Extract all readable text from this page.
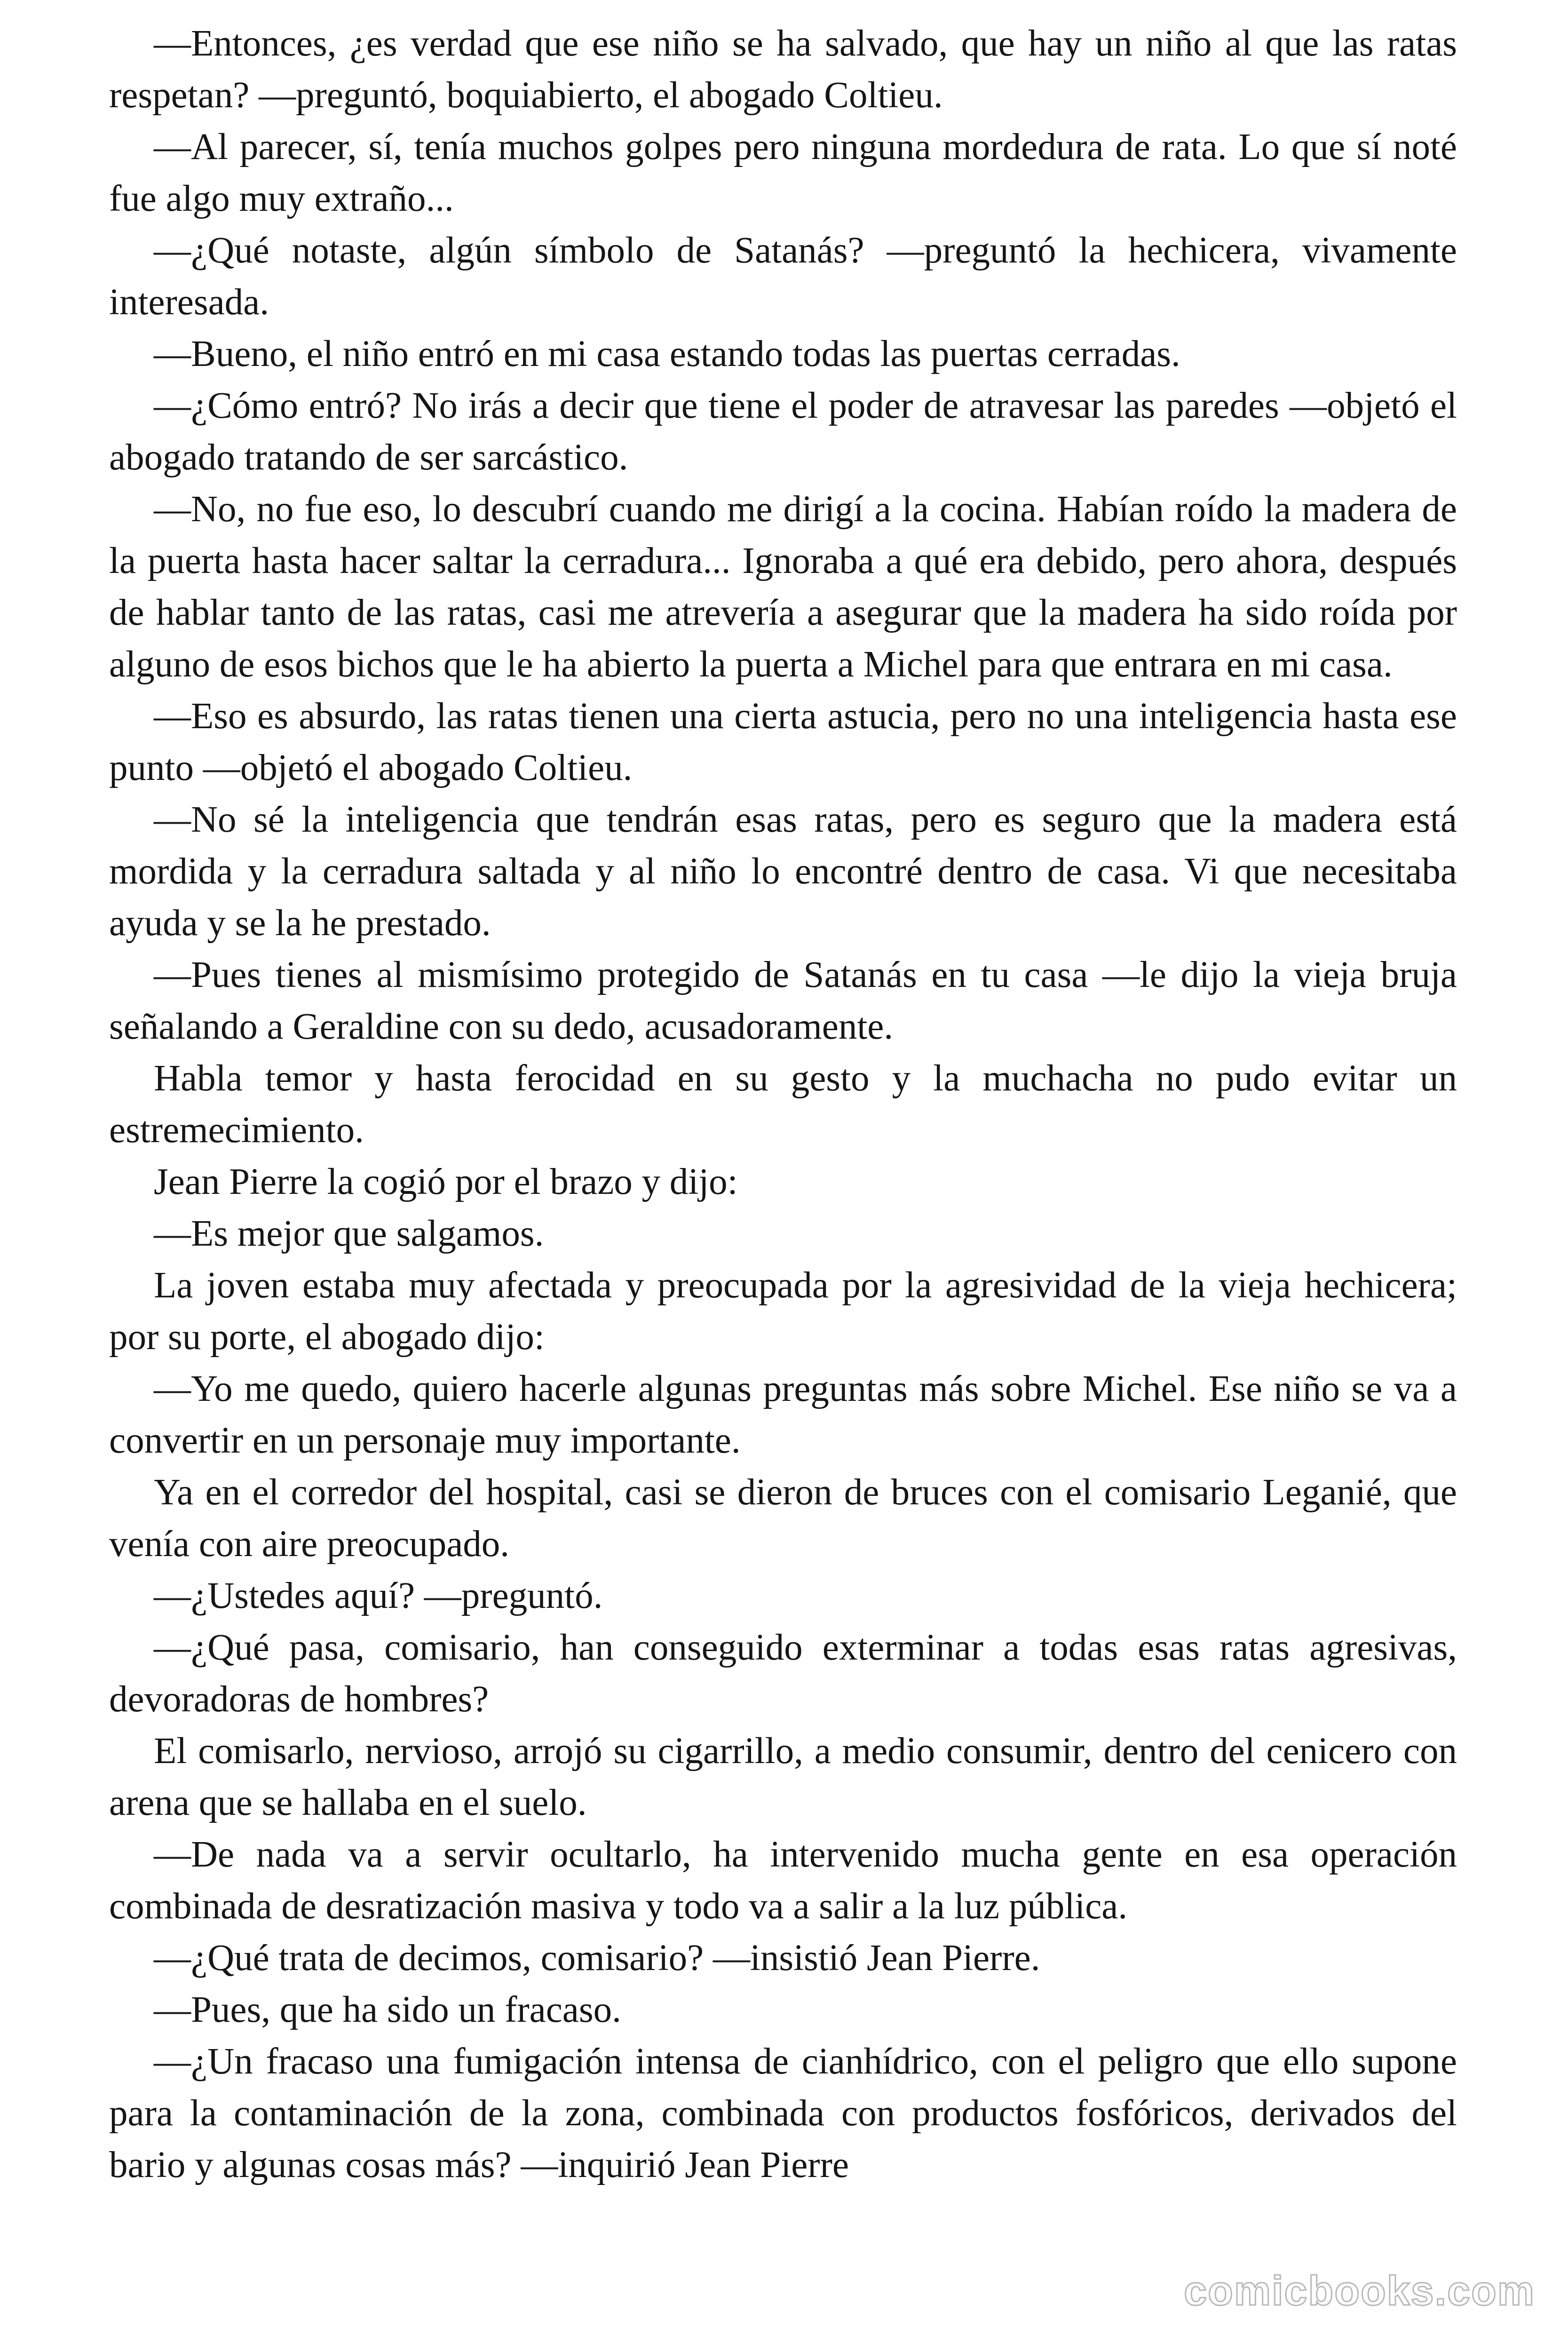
—Entonces, ¿es verdad que ese niño se ha salvado, que hay un niño al que las ratas respetan? —preguntó, boquiabierto, el abogado Coltieu.

—Al parecer, sí, tenía muchos golpes pero ninguna mordedura de rata. Lo que sí noté fue algo muy extraño...

—¿Qué notaste, algún símbolo de Satanás? —preguntó la hechicera, vivamente interesada.

—Bueno, el niño entró en mi casa estando todas las puertas cerradas.

—¿Cómo entró? No irás a decir que tiene el poder de atravesar las paredes —objetó el abogado tratando de ser sarcástico.

—No, no fue eso, lo descubrí cuando me dirigí a la cocina. Habían roído la madera de la puerta hasta hacer saltar la cerradura... Ignoraba a qué era debido, pero ahora, después de hablar tanto de las ratas, casi me atrevería a asegurar que la madera ha sido roída por alguno de esos bichos que le ha abierto la puerta a Michel para que entrara en mi casa.

—Eso es absurdo, las ratas tienen una cierta astucia, pero no una inteligencia hasta ese punto —objetó el abogado Coltieu.

—No sé la inteligencia que tendrán esas ratas, pero es seguro que la madera está mordida y la cerradura saltada y al niño lo encontré dentro de casa. Vi que necesitaba ayuda y se la he prestado.

—Pues tienes al mismísimo protegido de Satanás en tu casa —le dijo la vieja bruja señalando a Geraldine con su dedo, acusadoramente.

Habla temor y hasta ferocidad en su gesto y la muchacha no pudo evitar un estremecimiento.

Jean Pierre la cogió por el brazo y dijo:

—Es mejor que salgamos.

La joven estaba muy afectada y preocupada por la agresividad de la vieja hechicera; por su porte, el abogado dijo:

—Yo me quedo, quiero hacerle algunas preguntas más sobre Michel. Ese niño se va a convertir en un personaje muy importante.

Ya en el corredor del hospital, casi se dieron de bruces con el comisario Leganié, que venía con aire preocupado.

—¿Ustedes aquí? —preguntó.

—¿Qué pasa, comisario, han conseguido exterminar a todas esas ratas agresivas, devoradoras de hombres?

El comisarlo, nervioso, arrojó su cigarrillo, a medio consumir, dentro del cenicero con arena que se hallaba en el suelo.

—De nada va a servir ocultarlo, ha intervenido mucha gente en esa operación combinada de desratización masiva y todo va a salir a la luz pública.

—¿Qué trata de decimos, comisario? —insistió Jean Pierre.

—Pues, que ha sido un fracaso.

—¿Un fracaso una fumigación intensa de cianhídrico, con el peligro que ello supone para la contaminación de la zona, combinada con productos fosfóricos, derivados del bario y algunas cosas más? —inquirió Jean Pierre

comicbooks.com
